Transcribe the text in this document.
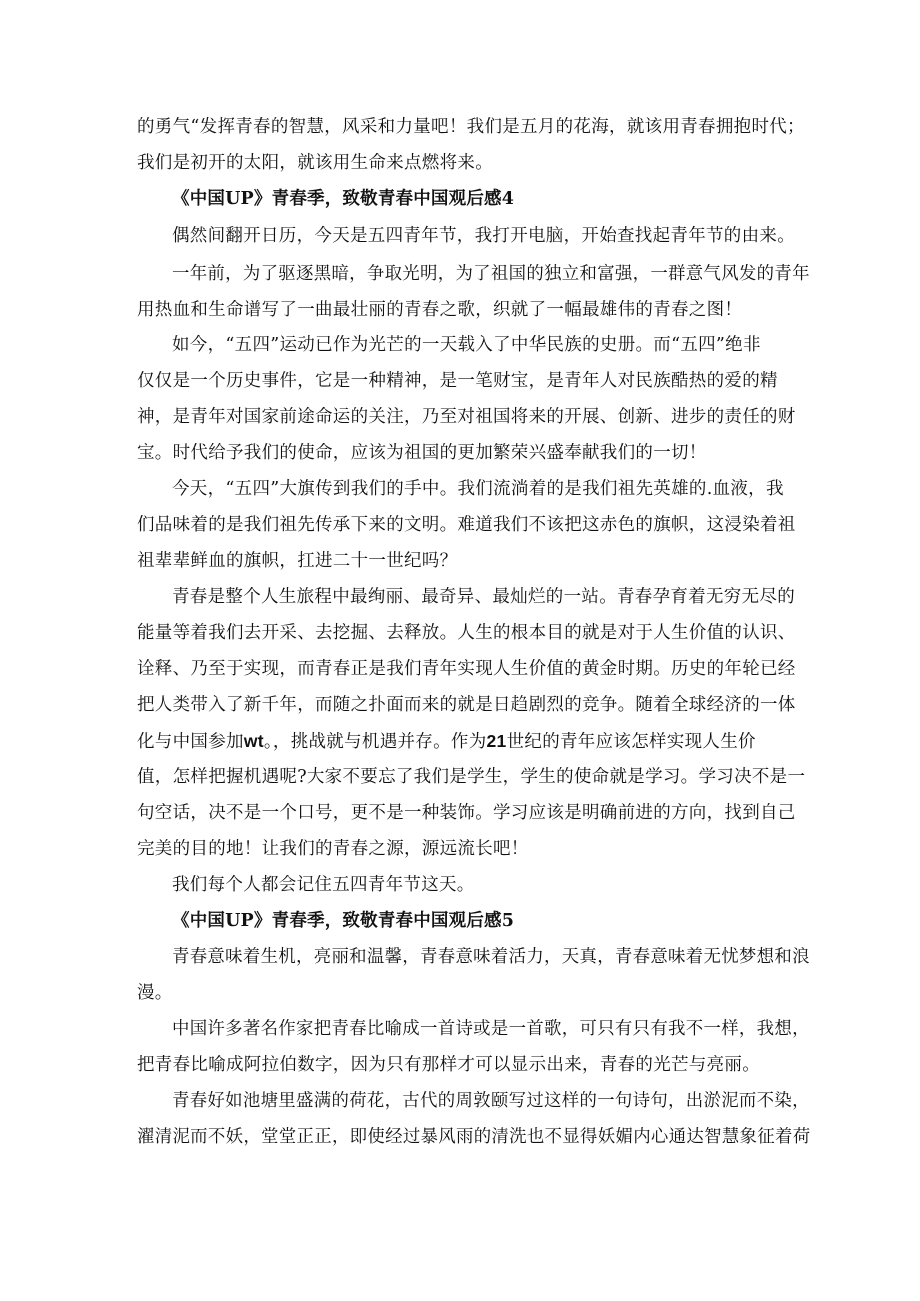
的勇气“发挥青春的智慧，风采和力量吧！我们是五月的花海，就该用青春拥抱时代；
我们是初开的太阳，就该用生命来点燃将来。
《中国UP》青春季，致敬青春中国观后感4
偶然间翻开日历，今天是五四青年节，我打开电脑，开始查找起青年节的由来。
一年前，为了驱逐黑暗，争取光明，为了祖国的独立和富强，一群意气风发的青年
用热血和生命谱写了一曲最壮丽的青春之歌，织就了一幅最雄伟的青春之图！
如今，“五四”运动已作为光芒的一天载入了中华民族的史册。而“五四”绝非
仅仅是一个历史事件，它是一种精神，是一笔财宝，是青年人对民族酷热的爱的精
神，是青年对国家前途命运的关注，乃至对祖国将来的开展、创新、进步的责任的财
宝。时代给予我们的使命，应该为祖国的更加繁荣兴盛奉献我们的一切！
今天，“五四”大旗传到我们的手中。我们流淌着的是我们祖先英雄的.血液，我
们品味着的是我们祖先传承下来的文明。难道我们不该把这赤色的旗帜，这浸染着祖
祖辈辈鲜血的旗帜，扛进二十一世纪吗？
青春是整个人生旅程中最绚丽、最奇异、最灿烂的一站。青春孕育着无穷无尽的
能量等着我们去开采、去挖掘、去释放。人生的根本目的就是对于人生价值的认识、
诠释、乃至于实现，而青春正是我们青年实现人生价值的黄金时期。历史的年轮已经
把人类带入了新千年，而随之扑面而来的就是日趋剧烈的竞争。随着全球经济的一体
化与中国参加wt。，挑战就与机遇并存。作为21世纪的青年应该怎样实现人生价
值，怎样把握机遇呢?大家不要忘了我们是学生，学生的使命就是学习。学习决不是一
句空话，决不是一个口号，更不是一种装饰。学习应该是明确前进的方向，找到自己
完美的目的地！让我们的青春之源，源远流长吧！
我们每个人都会记住五四青年节这天。
《中国UP》青春季，致敬青春中国观后感5
青春意味着生机，亮丽和温馨，青春意味着活力，天真，青春意味着无忧梦想和浪
漫。
中国许多著名作家把青春比喻成一首诗或是一首歌，可只有只有我不一样，我想，
把青春比喻成阿拉伯数字，因为只有那样才可以显示出来，青春的光芒与亮丽。
青春好如池塘里盛满的荷花，古代的周敦颐写过这样的一句诗句，出淤泥而不染，
濯清泥而不妖，堂堂正正，即使经过暴风雨的清洗也不显得妖媚内心通达智慧象征着荷
